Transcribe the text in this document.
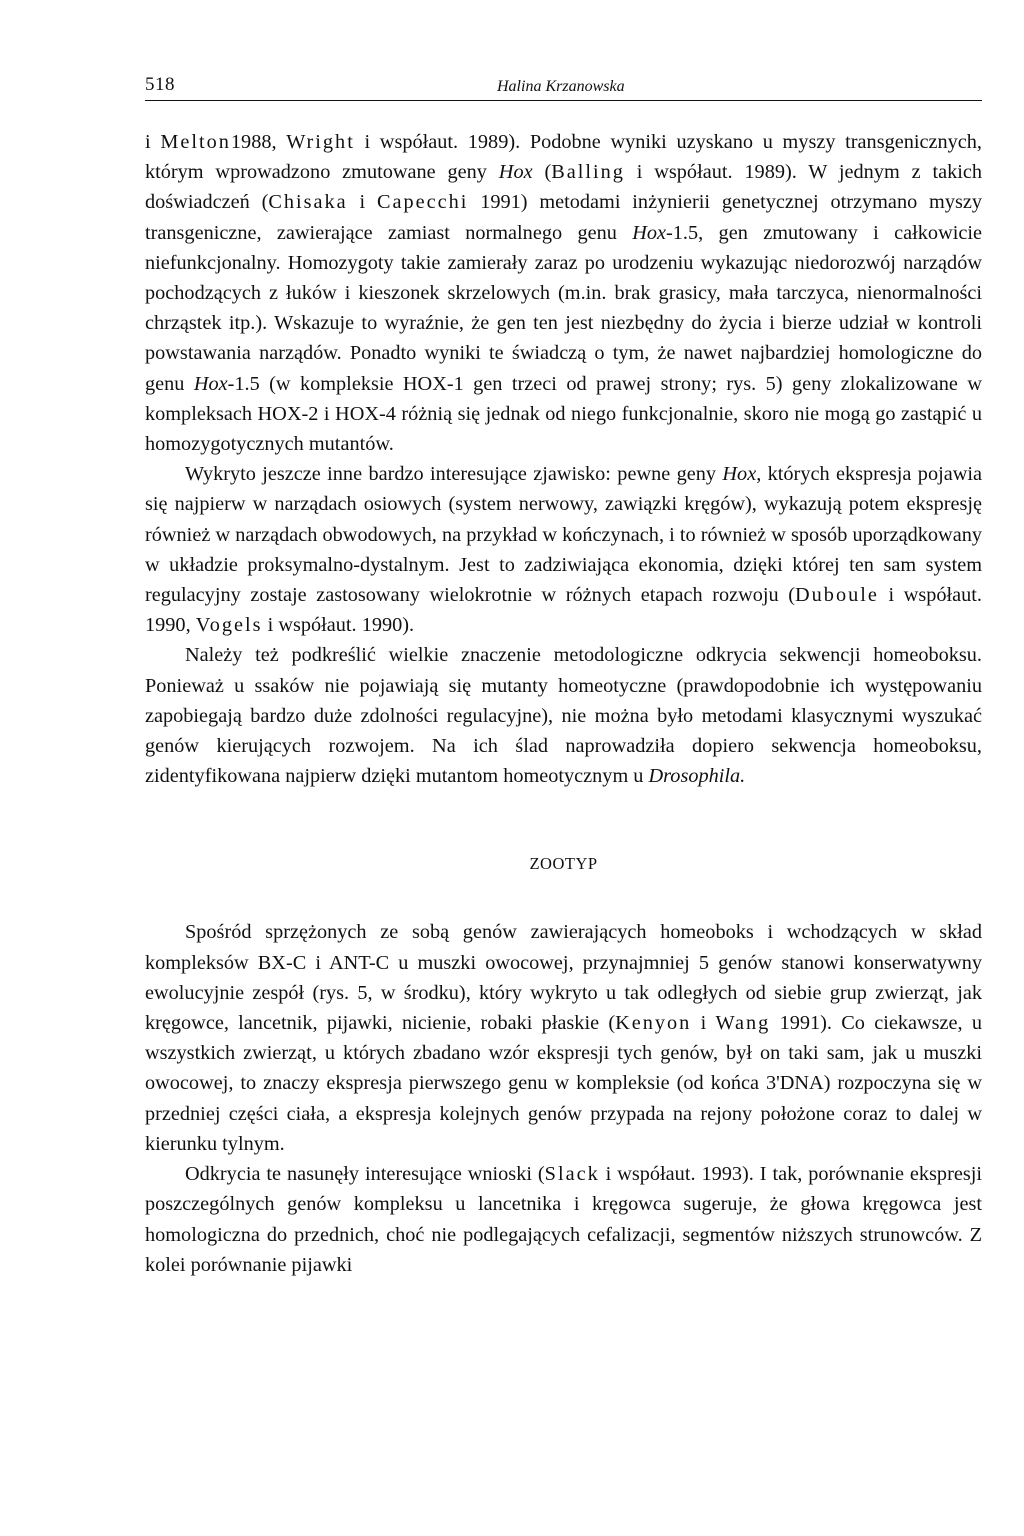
518	Halina Krzanowska

i Melton1988, Wright i współaut. 1989). Podobne wyniki uzyskano u myszy transgenicznych, którym wprowadzono zmutowane geny Hox (Balling i współaut. 1989). W jednym z takich doświadczeń (Chisaka i Capecchi 1991) metodami inżynierii genetycznej otrzymano myszy transgeniczne, zawierające zamiast normalnego genu Hox-1.5, gen zmutowany i całkowicie niefunkcjonalny. Homozygoty takie zamierały zaraz po urodzeniu wykazując niedorozwój narządów pochodzących z łuków i kieszonek skrzelowych (m.in. brak grasicy, mała tarczyca, nienormalności chrząstek itp.). Wskazuje to wyraźnie, że gen ten jest niezbędny do życia i bierze udział w kontroli powstawania narządów. Ponadto wyniki te świadczą o tym, że nawet najbardziej homologiczne do genu Hox-1.5 (w kompleksie HOX-1 gen trzeci od prawej strony; rys. 5) geny zlokalizowane w kompleksach HOX-2 i HOX-4 różnią się jednak od niego funkcjonalnie, skoro nie mogą go zastąpić u homozygotycznych mutantów.

Wykryto jeszcze inne bardzo interesujące zjawisko: pewne geny Hox, których ekspresja pojawia się najpierw w narządach osiowych (system nerwowy, zawiązki kręgów), wykazują potem ekspresję również w narządach obwodowych, na przykład w kończynach, i to również w sposób uporządkowany w układzie proksymalno-dystalnym. Jest to zadziwiająca ekonomia, dzięki której ten sam system regulacyjny zostaje zastosowany wielokrotnie w różnych etapach rozwoju (Duboule i współaut. 1990, Vogels i współaut. 1990).

Należy też podkreślić wielkie znaczenie metodologiczne odkrycia sekwencji homeoboksu. Ponieważ u ssaków nie pojawiają się mutanty homeotyczne (prawdopodobnie ich występowaniu zapobiegają bardzo duże zdolności regulacyjne), nie można było metodami klasycznymi wyszukać genów kierujących rozwojem. Na ich ślad naprowadziła dopiero sekwencja homeoboksu, zidentyfikowana najpierw dzięki mutantom homeotycznym u Drosophila.

ZOOTYP

Spośród sprzężonych ze sobą genów zawierających homeoboks i wchodzących w skład kompleksów BX-C i ANT-C u muszki owocowej, przynajmniej 5 genów stanowi konserwatywny ewolucyjnie zespół (rys. 5, w środku), który wykryto u tak odległych od siebie grup zwierząt, jak kręgowce, lancetnik, pijawki, nicienie, robaki płaskie (Kenyon i Wang 1991). Co ciekawsze, u wszystkich zwierząt, u których zbadano wzór ekspresji tych genów, był on taki sam, jak u muszki owocowej, to znaczy ekspresja pierwszego genu w kompleksie (od końca 3'DNA) rozpoczyna się w przedniej części ciała, a ekspresja kolejnych genów przypada na rejony położone coraz to dalej w kierunku tylnym.

Odkrycia te nasunęły interesujące wnioski (Slack i współaut. 1993). I tak, porównanie ekspresji poszczególnych genów kompleksu u lancetnika i kręgowca sugeruje, że głowa kręgowca jest homologiczna do przednich, choć nie podlegających cefalizacji, segmentów niższych strunowców. Z kolei porównanie pijawki
